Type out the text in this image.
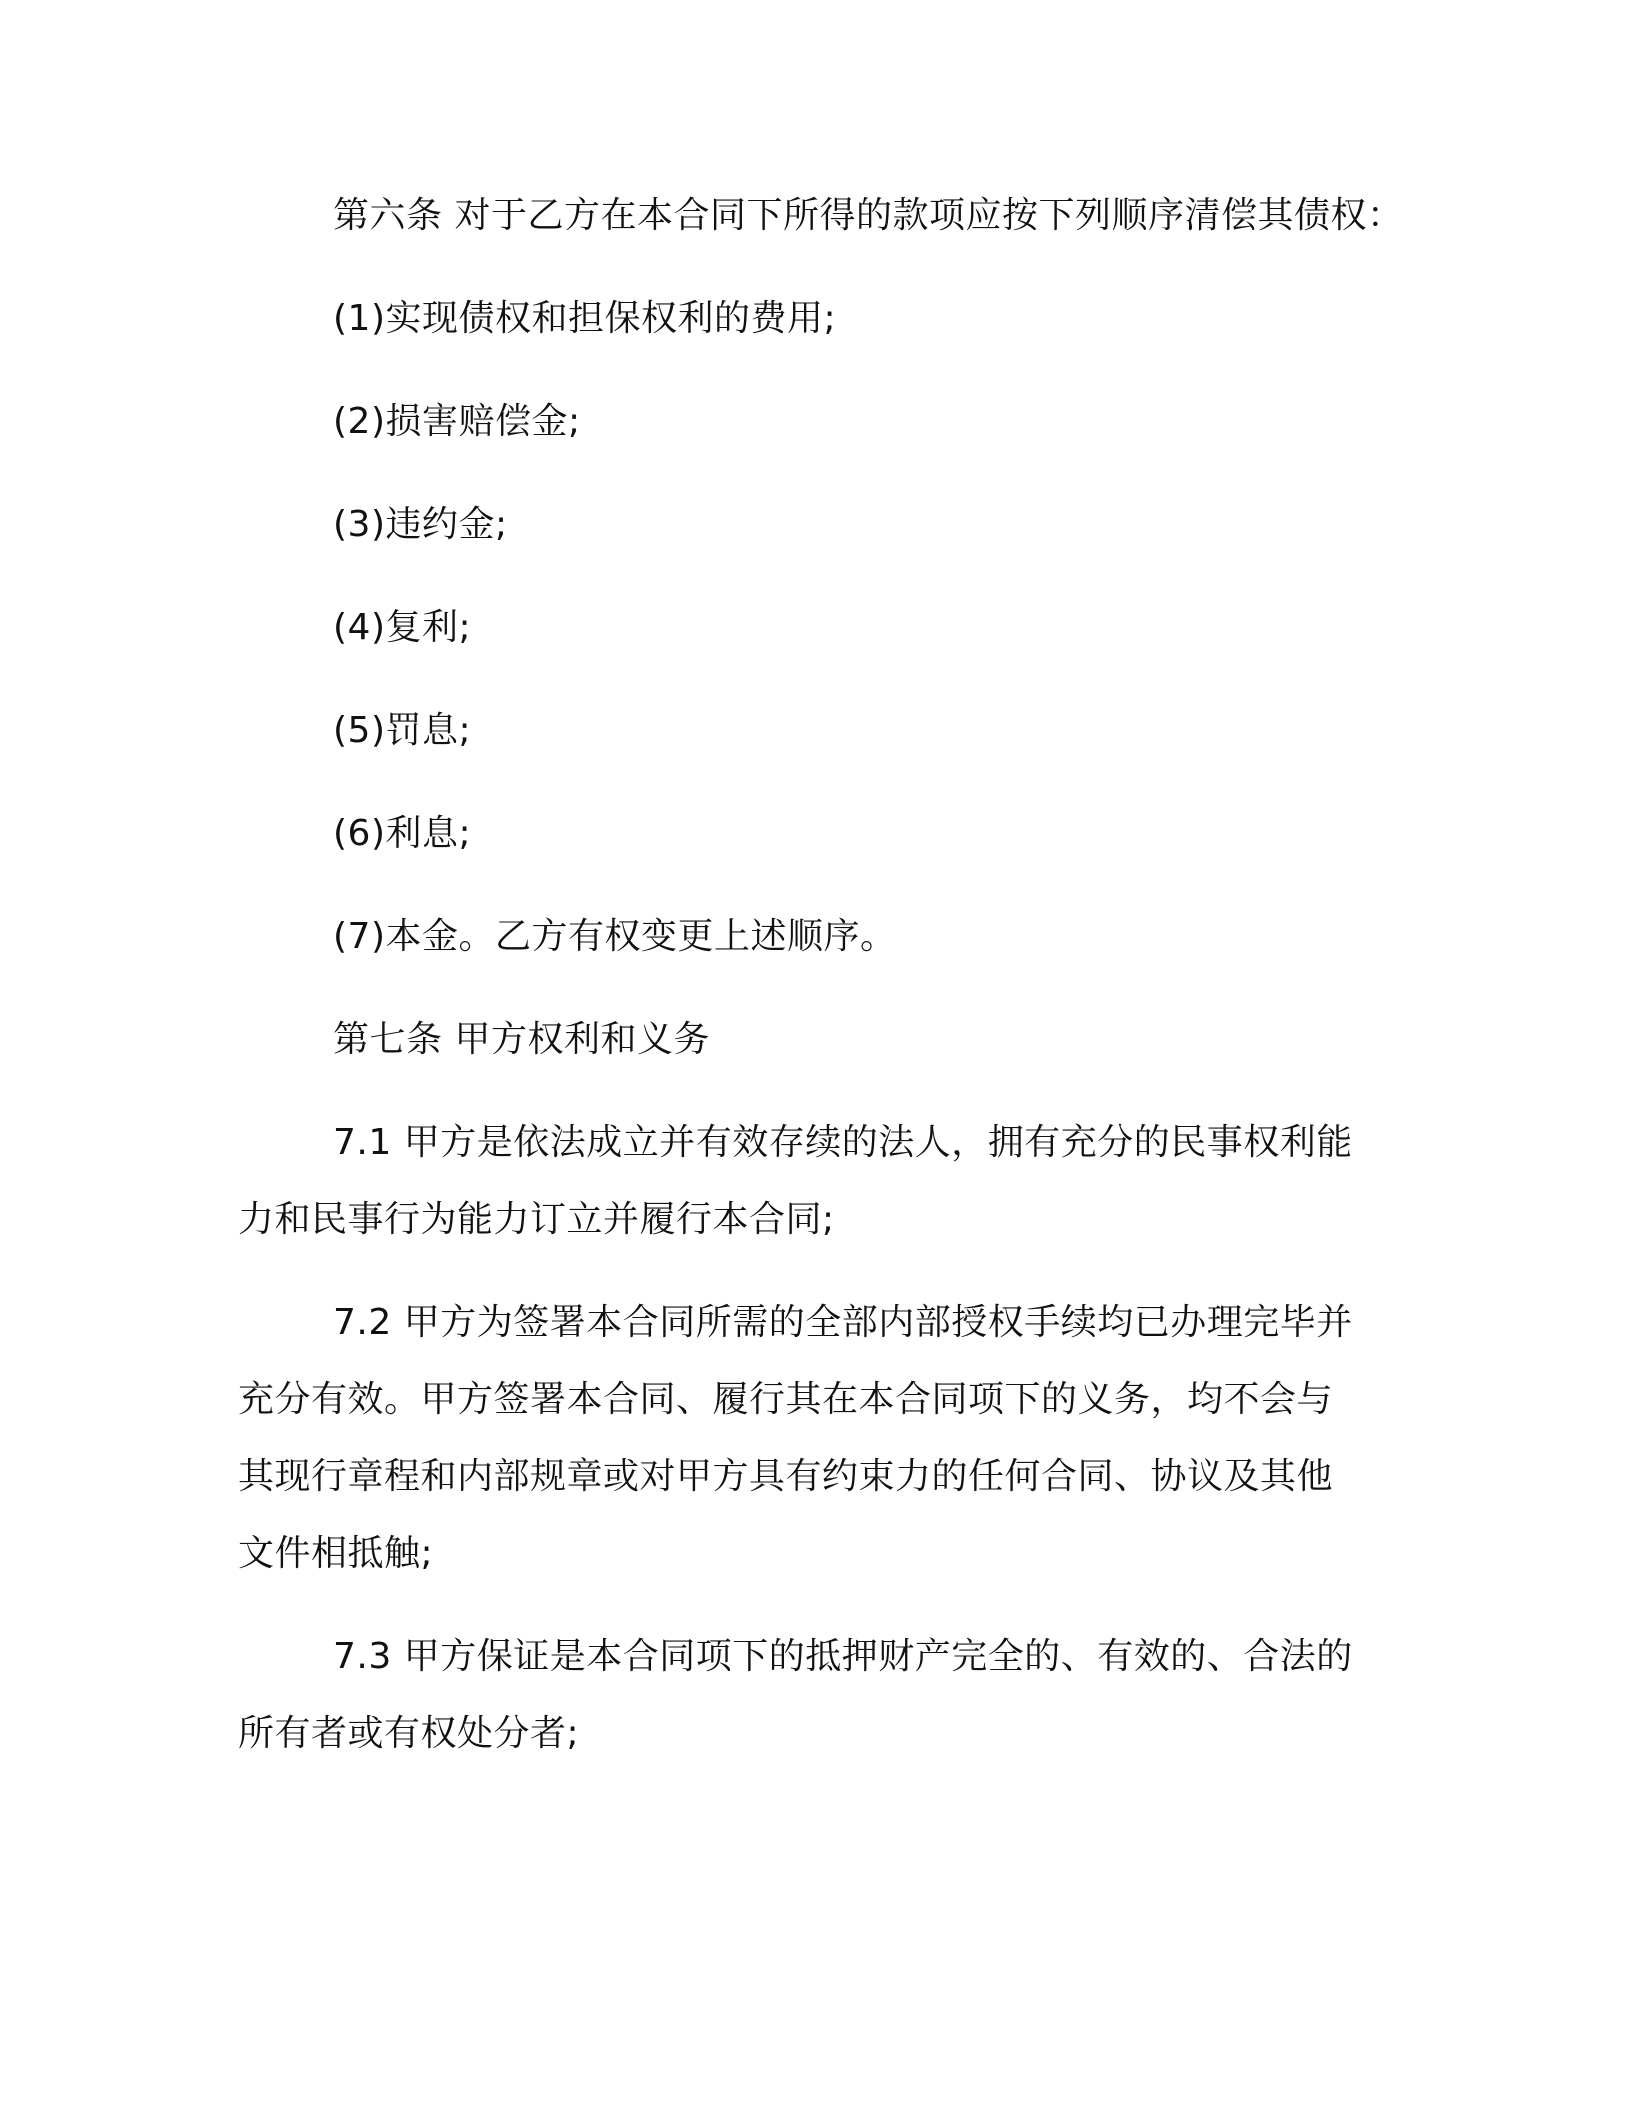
第六条 对于乙方在本合同下所得的款项应按下列顺序清偿其债权：

(1)实现债权和担保权利的费用;

(2)损害赔偿金;

(3)违约金;

(4)复利;

(5)罚息;

(6)利息;

(7)本金。乙方有权变更上述顺序。

第七条 甲方权利和义务

7.1 甲方是依法成立并有效存续的法人，拥有充分的民事权利能

力和民事行为能力订立并履行本合同;

7.2 甲方为签署本合同所需的全部内部授权手续均已办理完毕并

充分有效。甲方签署本合同、履行其在本合同项下的义务，均不会与

其现行章程和内部规章或对甲方具有约束力的任何合同、协议及其他

文件相抵触;

7.3 甲方保证是本合同项下的抵押财产完全的、有效的、合法的

所有者或有权处分者;
